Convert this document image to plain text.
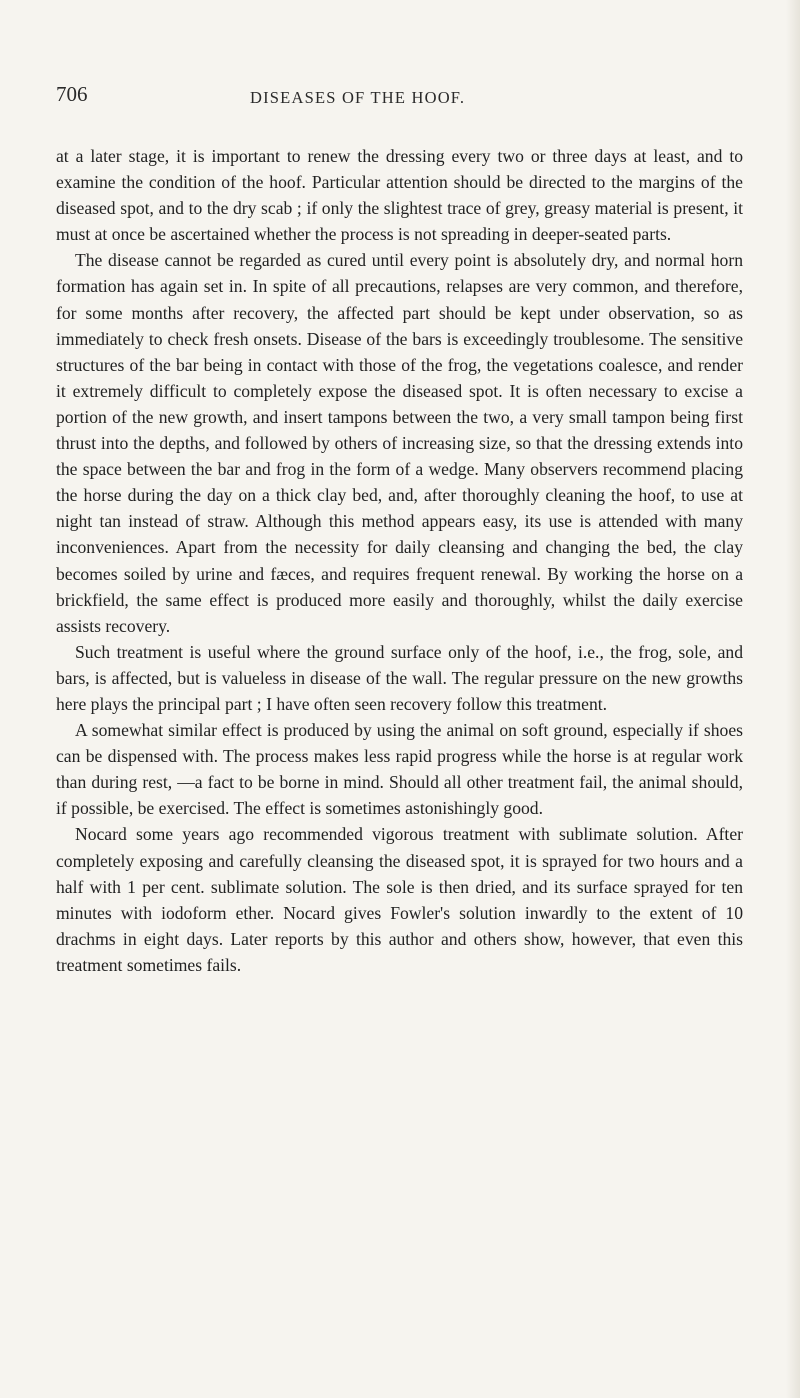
706	DISEASES OF THE HOOF.

at a later stage, it is important to renew the dressing every two or three days at least, and to examine the condition of the hoof. Particular attention should be directed to the margins of the diseased spot, and to the dry scab ; if only the slightest trace of grey, greasy material is present, it must at once be ascertained whether the process is not spreading in deeper-seated parts.

The disease cannot be regarded as cured until every point is absolutely dry, and normal horn formation has again set in. In spite of all precautions, relapses are very common, and therefore, for some months after recovery, the affected part should be kept under observation, so as immediately to check fresh onsets. Disease of the bars is exceedingly troublesome. The sensitive structures of the bar being in contact with those of the frog, the vegetations coalesce, and render it extremely difficult to completely expose the diseased spot. It is often necessary to excise a portion of the new growth, and insert tampons between the two, a very small tampon being first thrust into the depths, and followed by others of increasing size, so that the dressing extends into the space between the bar and frog in the form of a wedge. Many observers recommend placing the horse during the day on a thick clay bed, and, after thoroughly cleaning the hoof, to use at night tan instead of straw. Although this method appears easy, its use is attended with many inconveniences. Apart from the necessity for daily cleansing and changing the bed, the clay becomes soiled by urine and fæces, and requires frequent renewal. By working the horse on a brickfield, the same effect is produced more easily and thoroughly, whilst the daily exercise assists recovery.

Such treatment is useful where the ground surface only of the hoof, i.e., the frog, sole, and bars, is affected, but is valueless in disease of the wall. The regular pressure on the new growths here plays the principal part ; I have often seen recovery follow this treatment.

A somewhat similar effect is produced by using the animal on soft ground, especially if shoes can be dispensed with. The process makes less rapid progress while the horse is at regular work than during rest, —a fact to be borne in mind. Should all other treatment fail, the animal should, if possible, be exercised. The effect is sometimes astonishingly good.

Nocard some years ago recommended vigorous treatment with sublimate solution. After completely exposing and carefully cleansing the diseased spot, it is sprayed for two hours and a half with 1 per cent. sublimate solution. The sole is then dried, and its surface sprayed for ten minutes with iodoform ether. Nocard gives Fowler's solution inwardly to the extent of 10 drachms in eight days. Later reports by this author and others show, however, that even this treatment sometimes fails.
